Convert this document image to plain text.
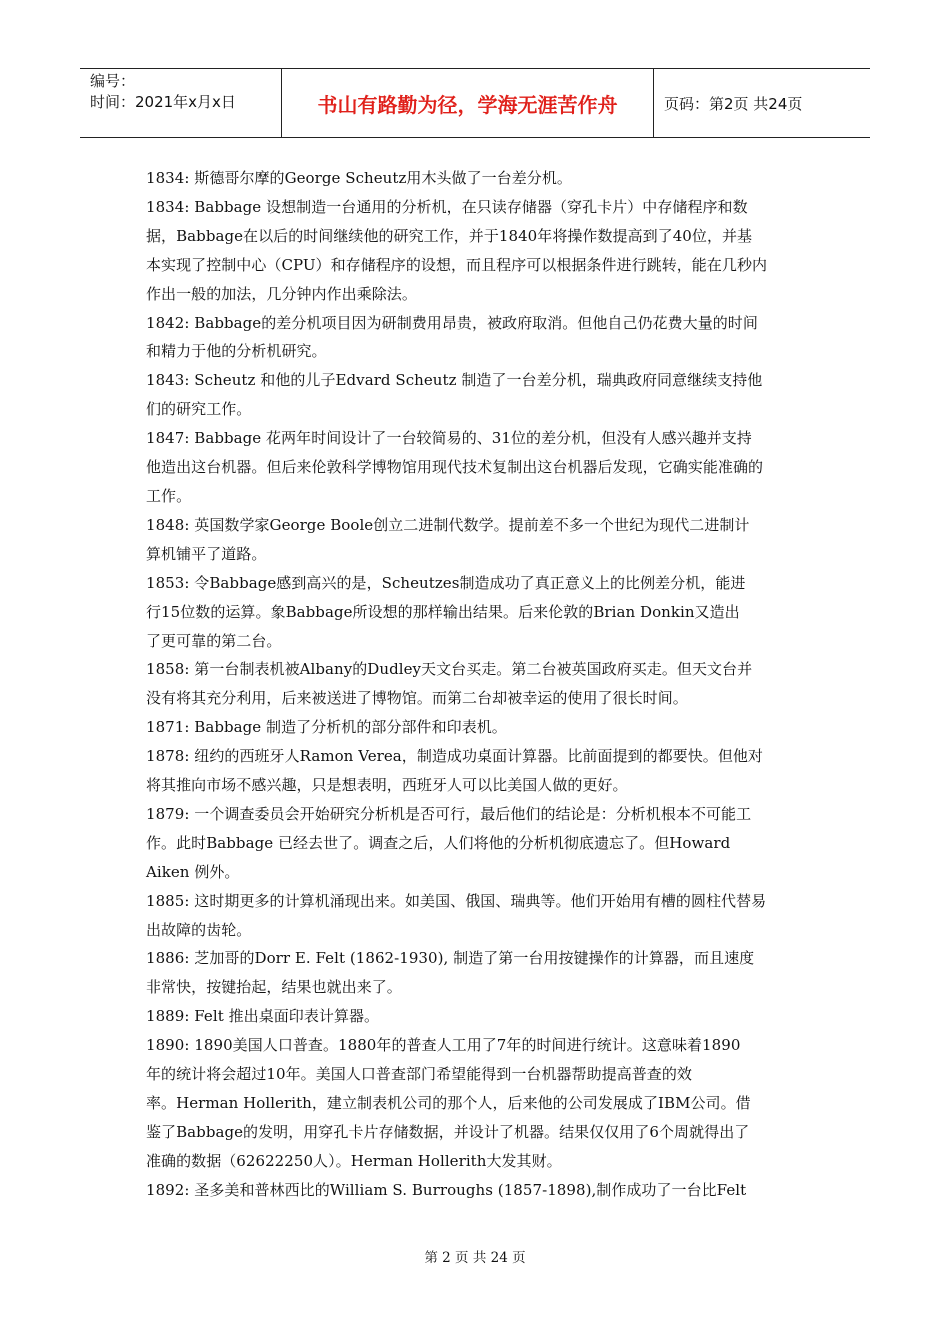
编号：
时间：2021年x月x日	书山有路勤为径，学海无涯苦作舟	页码：第2页 共24页

1834: 斯德哥尔摩的George Scheutz用木头做了一台差分机。

1834: Babbage 设想制造一台通用的分析机，在只读存储器（穿孔卡片）中存储程序和数

据，Babbage在以后的时间继续他的研究工作，并于1840年将操作数提高到了40位，并基

本实现了控制中心（CPU）和存储程序的设想，而且程序可以根据条件进行跳转，能在几秒内

作出一般的加法，几分钟内作出乘除法。

1842: Babbage的差分机项目因为研制费用昂贵，被政府取消。但他自己仍花费大量的时间

和精力于他的分析机研究。

1843: Scheutz 和他的儿子Edvard Scheutz 制造了一台差分机，瑞典政府同意继续支持他

们的研究工作。

1847: Babbage 花两年时间设计了一台较简易的、31位的差分机，但没有人感兴趣并支持

他造出这台机器。但后来伦敦科学博物馆用现代技术复制出这台机器后发现，它确实能准确的

工作。

1848: 英国数学家George Boole创立二进制代数学。提前差不多一个世纪为现代二进制计

算机铺平了道路。

1853: 令Babbage感到高兴的是，Scheutzes制造成功了真正意义上的比例差分机，能进

行15位数的运算。象Babbage所设想的那样输出结果。后来伦敦的Brian Donkin又造出

了更可靠的第二台。

1858: 第一台制表机被Albany的Dudley天文台买走。第二台被英国政府买走。但天文台并

没有将其充分利用，后来被送进了博物馆。而第二台却被幸运的使用了很长时间。

1871: Babbage 制造了分析机的部分部件和印表机。

1878: 纽约的西班牙人Ramon Verea，制造成功桌面计算器。比前面提到的都要快。但他对

将其推向市场不感兴趣，只是想表明，西班牙人可以比美国人做的更好。

1879: 一个调查委员会开始研究分析机是否可行，最后他们的结论是：分析机根本不可能工

作。此时Babbage 已经去世了。调查之后，人们将他的分析机彻底遗忘了。但Howard

Aiken 例外。

1885: 这时期更多的计算机涌现出来。如美国、俄国、瑞典等。他们开始用有槽的圆柱代替易

出故障的齿轮。

1886: 芝加哥的Dorr E. Felt (1862-1930), 制造了第一台用按键操作的计算器，而且速度

非常快，按键抬起，结果也就出来了。

1889: Felt 推出桌面印表计算器。

1890: 1890美国人口普查。1880年的普查人工用了7年的时间进行统计。这意味着1890

年的统计将会超过10年。美国人口普查部门希望能得到一台机器帮助提高普查的效

率。Herman Hollerith，建立制表机公司的那个人，后来他的公司发展成了IBM公司。借

鉴了Babbage的发明，用穿孔卡片存储数据，并设计了机器。结果仅仅用了6个周就得出了

准确的数据（62622250人）。Herman Hollerith大发其财。

1892: 圣多美和普林西比的William S. Burroughs (1857-1898),制作成功了一台比Felt

第 2 页 共 24 页
